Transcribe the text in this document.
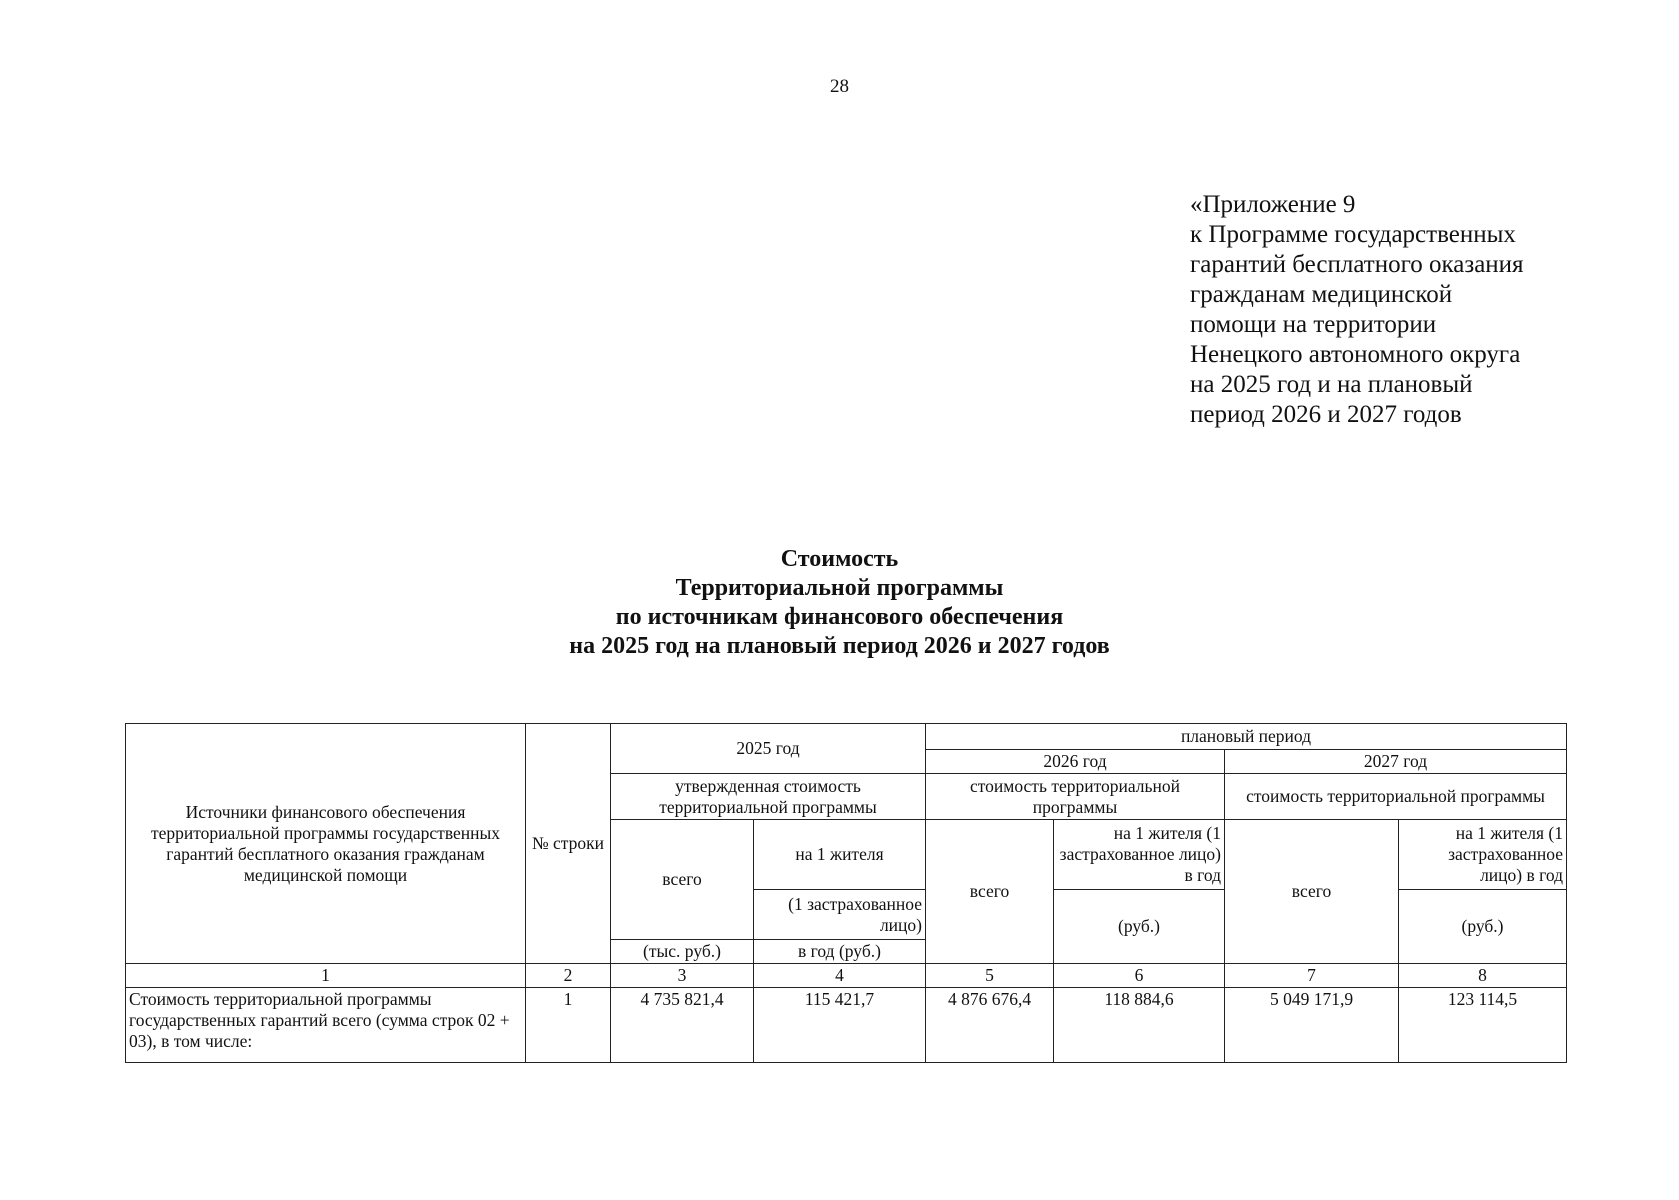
28
«Приложение 9
к Программе государственных
гарантий бесплатного оказания
гражданам медицинской
помощи на территории
Ненецкого автономного округа
на 2025 год и на плановый
период 2026 и 2027 годов
Стоимость
Территориальной программы
по источникам финансового обеспечения
на 2025 год на плановый период 2026 и 2027 годов
Источники финансового обеспечения территориальной программы государственных гарантий бесплатного оказания гражданам медицинской помощи	№ строки	2025 год		плановый период			
				2026 год		2027 год	
		утвержденная стоимость территориальной программы		стоимость территориальной программы		стоимость территориальной программы	
		всего	на 1 жителя	всего	на 1 жителя (1 застрахованное лицо) в год	всего	на 1 жителя (1 застрахованное лицо) в год
			(1 застрахованное лицо)		(руб.)		(руб.)
		(тыс. руб.)	в год (руб.)				
1	2	3	4	5	6	7	8
Стоимость территориальной программы государственных гарантий всего (сумма строк 02 + 03), в том числе:	1	4 735 821,4	115 421,7	4 876 676,4	118 884,6	5 049 171,9	123 114,5
